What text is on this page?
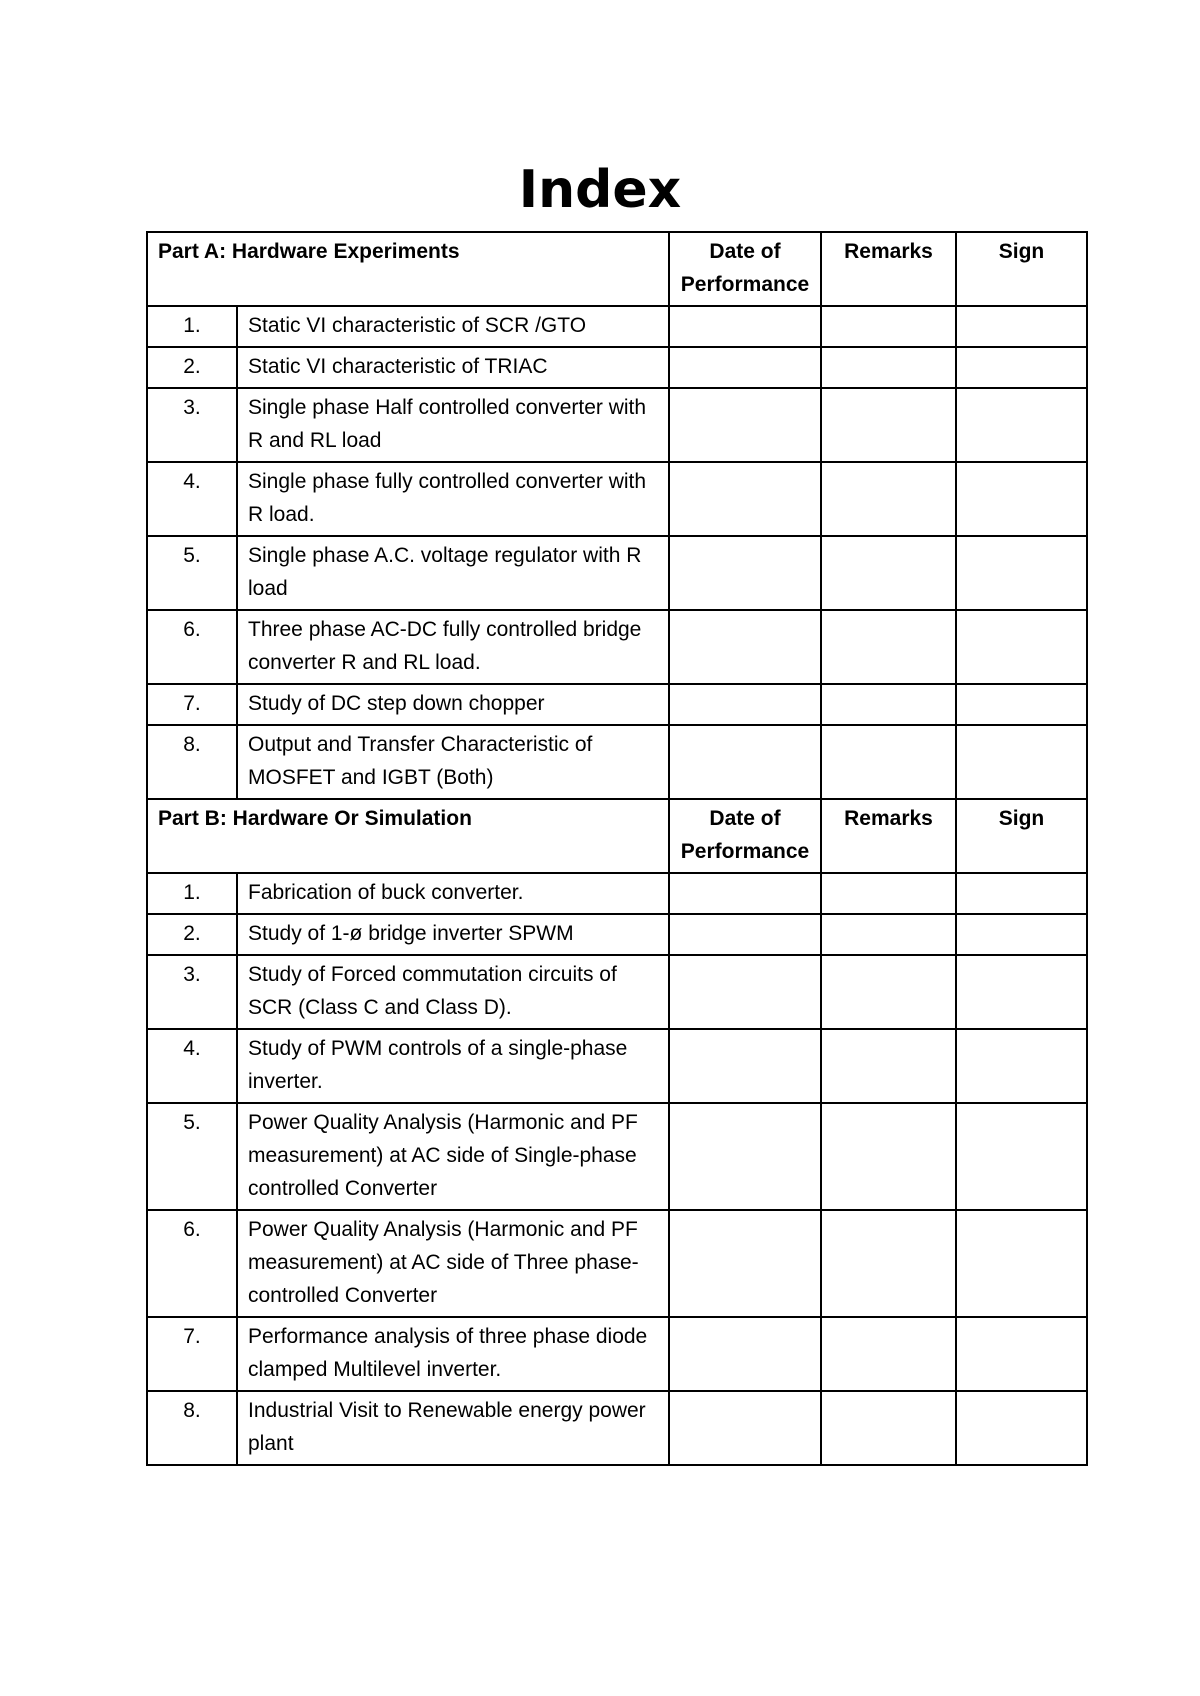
Index
Part A: Hardware Experiments		Date of Performance	Remarks	Sign
1.	Static VI characteristic of SCR /GTO			
2.	Static VI characteristic of TRIAC			
3.	Single phase Half controlled converter with R and RL load			
4.	Single phase fully controlled converter with R load.			
5.	Single phase A.C. voltage regulator with R load			
6.	Three phase AC-DC fully controlled bridge converter R and RL load.			
7.	Study of DC step down chopper			
8.	Output and Transfer Characteristic of MOSFET and IGBT (Both)			
Part B: Hardware Or Simulation		Date of Performance	Remarks	Sign
1.	Fabrication of buck converter.			
2.	Study of 1-ø bridge inverter SPWM			
3.	Study of Forced commutation circuits of SCR (Class C and Class D).			
4.	Study of PWM controls of a single-phase inverter.			
5.	Power Quality Analysis (Harmonic and PF measurement) at AC side of Single-phase controlled Converter			
6.	Power Quality Analysis (Harmonic and PF measurement) at AC side of Three phase-controlled Converter			
7.	Performance analysis of three phase diode clamped Multilevel inverter.			
8.	Industrial Visit to Renewable energy power plant			
